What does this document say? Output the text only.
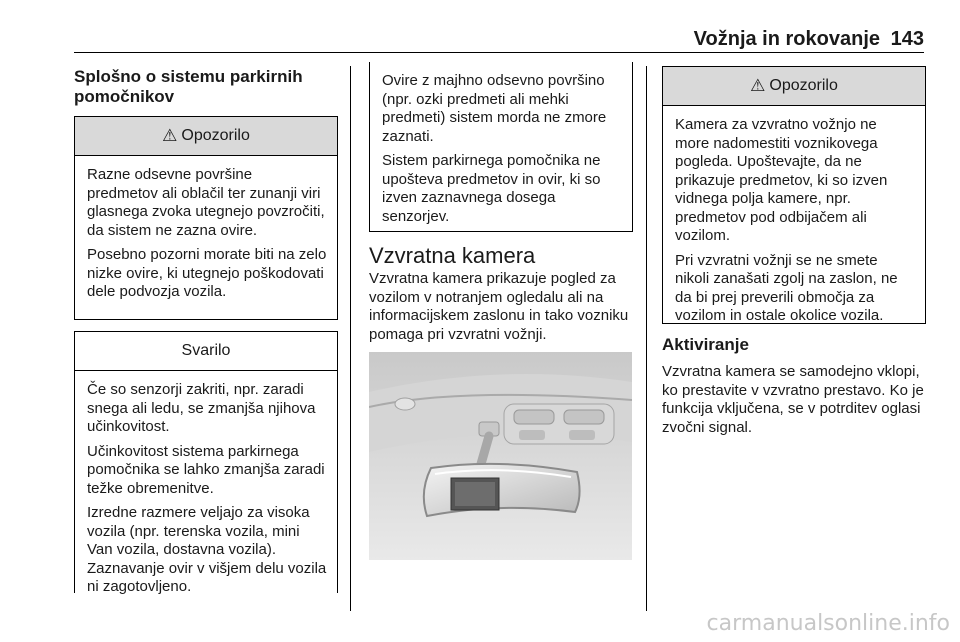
Vožnja in rokovanje 143
Splošno o sistemu parkirnih pomočnikov
⚠ Opozorilo

Razne odsevne površine predmetov ali oblačil ter zunanji viri glasnega zvoka utegnejo povzročiti, da sistem ne zazna ovire.

Posebno pozorni morate biti na zelo nizke ovire, ki utegnejo poškodovati dele podvozja vozila.

Svarilo

Če so senzorji zakriti, npr. zaradi snega ali ledu, se zmanjša njihova učinkovitost.

Učinkovitost sistema parkirnega pomočnika se lahko zmanjša zaradi težke obremenitve.

Izredne razmere veljajo za visoka vozila (npr. terenska vozila, mini Van vozila, dostavna vozila). Zaznavanje ovir v višjem delu vozila ni zagotovljeno.

Ovire z majhno odsevno površino (npr. ozki predmeti ali mehki predmeti) sistem morda ne zmore zaznati.

Sistem parkirnega pomočnika ne upošteva predmetov in ovir, ki so izven zaznavnega dosega senzorjev.

Vzvratna kamera

Vzvratna kamera prikazuje pogled za vozilom v notranjem ogledalu ali na informacijskem zaslonu in tako vozniku pomaga pri vzvratni vožnji.

⚠ Opozorilo

Kamera za vzvratno vožnjo ne more nadomestiti voznikovega pogleda. Upoštevajte, da ne prikazuje predmetov, ki so izven vidnega polja kamere, npr. predmetov pod odbijačem ali vozilom.

Pri vzvratni vožnji se ne smete nikoli zanašati zgolj na zaslon, ne da bi prej preverili območja za vozilom in ostale okolice vozila.

Aktiviranje

Vzvratna kamera se samodejno vklopi, ko prestavite v vzvratno prestavo. Ko je funkcija vključena, se v potrditev oglasi zvočni signal.

carmanualsonline.info
